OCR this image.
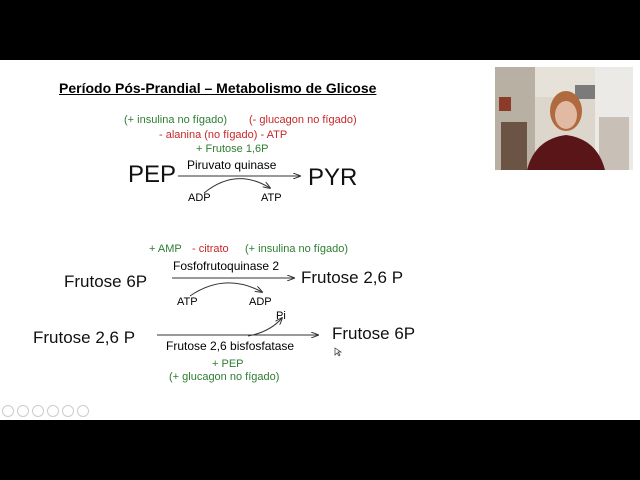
Período Pós-Prandial – Metabolismo de Glicose
(+ insulina no fígado) (- glucagon no fígado)
- alanina (no fígado) - ATP
+ Frutose 1,6P
PEP Piruvato quinase PYR
ADP	ATP
+ AMP - citrato (+ insulina no fígado)
Fosfofrutoquinase 2
Frutose 6P	Frutose 2,6 P
ATP	ADP
Pi
Frutose 2,6 P	Frutose 6P
Frutose 2,6 bisfosfatase
+ PEP
(+ glucagon no fígado)
